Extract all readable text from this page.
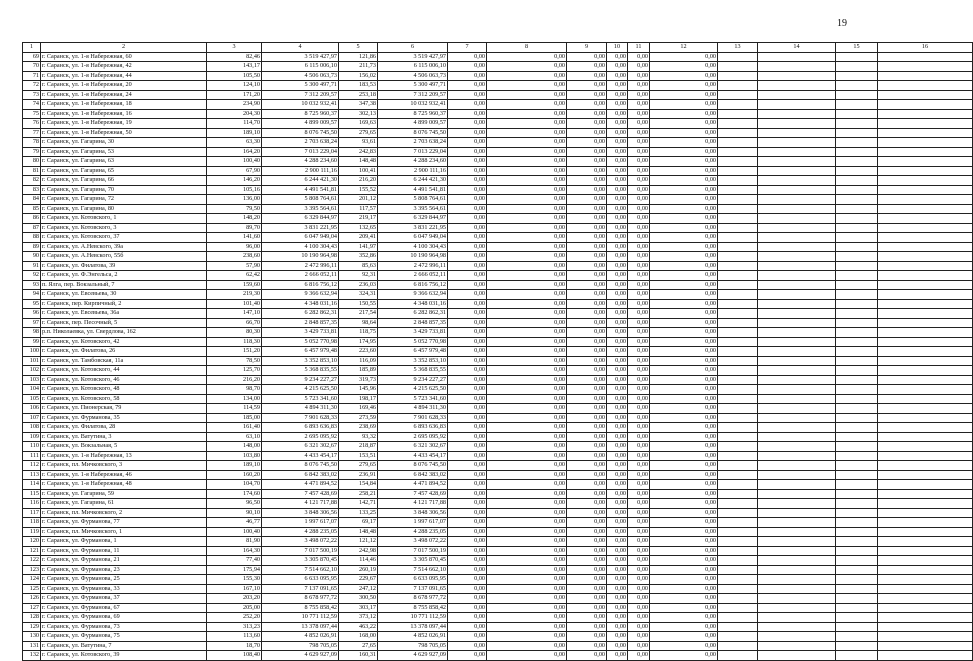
19
1	2	3	4	5	6	7	8	9	10	11	12	13	14	15	16
69	г. Саранск, ул. 1-я Набережная, 60	82,46	3 519 427,97	121,86	3 519 427,97	0,00	0,00	0,00	0,00	0,00	0,00				
70	г. Саранск, ул. 1-я Набережная, 42	143,17	6 115 006,10	211,73	6 115 006,10	0,00	0,00	0,00	0,00	0,00	0,00				
71	г. Саранск, ул. 1-я Набережная, 44	105,50	4 506 063,73	156,02	4 506 063,73	0,00	0,00	0,00	0,00	0,00	0,00				
72	г. Саранск, ул. 1-я Набережная, 20	124,10	5 300 497,71	183,53	5 300 497,71	0,00	0,00	0,00	0,00	0,00	0,00				
73	г. Саранск, ул. 1-я Набережная, 24	171,20	7 312 209,57	253,18	7 312 209,57	0,00	0,00	0,00	0,00	0,00	0,00				
74	г. Саранск, ул. 1-я Набережная, 18	234,90	10 032 932,41	347,38	10 032 932,41	0,00	0,00	0,00	0,00	0,00	0,00				
75	г. Саранск, ул. 1-я Набережная, 16	204,30	8 725 960,37	302,13	8 725 960,37	0,00	0,00	0,00	0,00	0,00	0,00				
76	г. Саранск, ул. 1-я Набережная, 19	114,70	4 899 009,57	169,63	4 899 009,57	0,00	0,00	0,00	0,00	0,00	0,00				
77	г. Саранск, ул. 1-я Набережная, 50	189,10	8 076 745,50	279,65	8 076 745,50	0,00	0,00	0,00	0,00	0,00	0,00				
78	г. Саранск, ул. Гагарина, 30	63,30	2 703 638,24	93,61	2 703 638,24	0,00	0,00	0,00	0,00	0,00	0,00				
79	г. Саранск, ул. Гагарина, 53	164,20	7 013 229,04	242,83	7 013 229,04	0,00	0,00	0,00	0,00	0,00	0,00				
80	г. Саранск, ул. Гагарина, 63	100,40	4 288 234,60	148,48	4 288 234,60	0,00	0,00	0,00	0,00	0,00	0,00				
81	г. Саранск, ул. Гагарина, 65	67,90	2 900 111,16	100,41	2 900 111,16	0,00	0,00	0,00	0,00	0,00	0,00				
82	г. Саранск, ул. Гагарина, 66	146,20	6 244 421,30	216,20	6 244 421,30	0,00	0,00	0,00	0,00	0,00	0,00				
83	г. Саранск, ул. Гагарина, 70	105,16	4 491 541,81	155,52	4 491 541,81	0,00	0,00	0,00	0,00	0,00	0,00				
84	г. Саранск, ул. Гагарина, 72	136,00	5 808 764,61	201,12	5 808 764,61	0,00	0,00	0,00	0,00	0,00	0,00				
85	г. Саранск, ул. Гагарина, 80	79,50	3 395 564,61	117,57	3 395 564,61	0,00	0,00	0,00	0,00	0,00	0,00				
86	г. Саранск, ул. Котовского, 1	148,20	6 329 844,97	219,17	6 329 844,97	0,00	0,00	0,00	0,00	0,00	0,00				
87	г. Саранск, ул. Котовского, 3	89,70	3 831 221,95	132,65	3 831 221,95	0,00	0,00	0,00	0,00	0,00	0,00				
88	г. Саранск, ул. Котовского, 37	141,60	6 047 949,04	209,41	6 047 949,04	0,00	0,00	0,00	0,00	0,00	0,00				
89	г. Саранск, ул. А.Невского, 39а	96,00	4 100 304,43	141,97	4 100 304,43	0,00	0,00	0,00	0,00	0,00	0,00				
90	г. Саранск, ул. А.Невского, 55б	238,60	10 190 964,98	352,86	10 190 964,98	0,00	0,00	0,00	0,00	0,00	0,00				
91	г. Саранск, ул. Филатова, 39	57,90	2 472 996,11	85,63	2 472 996,11	0,00	0,00	0,00	0,00	0,00	0,00				
92	г. Саранск, ул. Ф.Энгельса, 2	62,42	2 666 052,11	92,31	2 666 052,11	0,00	0,00	0,00	0,00	0,00	0,00				
93	п. Ялга, пер. Вокзальный, 7	159,60	6 816 756,12	236,03	6 816 756,12	0,00	0,00	0,00	0,00	0,00	0,00				
94	г. Саранск, ул. Евсевьева, 30	219,30	9 366 632,94	324,31	9 366 632,94	0,00	0,00	0,00	0,00	0,00	0,00				
95	г. Саранск, пер. Кирпичный, 2	101,40	4 348 031,16	150,55	4 348 031,16	0,00	0,00	0,00	0,00	0,00	0,00				
96	г. Саранск, ул. Евсевьева, 36а	147,10	6 282 862,31	217,54	6 282 862,31	0,00	0,00	0,00	0,00	0,00	0,00				
97	г. Саранск, пер. Песочный, 5	66,70	2 848 857,35	98,64	2 848 857,35	0,00	0,00	0,00	0,00	0,00	0,00				
98	р.п. Николаевка, ул. Свердлова, 162	80,30	3 429 733,81	118,75	3 429 733,81	0,00	0,00	0,00	0,00	0,00	0,00				
99	г. Саранск, ул. Котовского, 42	118,30	5 052 770,98	174,95	5 052 770,98	0,00	0,00	0,00	0,00	0,00	0,00				
100	г. Саранск, ул. Филатова, 26	151,20	6 457 979,48	223,60	6 457 979,48	0,00	0,00	0,00	0,00	0,00	0,00				
101	г. Саранск, ул. Тамбовская, 11а	78,50	3 352 853,10	116,09	3 352 853,10	0,00	0,00	0,00	0,00	0,00	0,00				
102	г. Саранск, ул. Котовского, 44	125,70	5 368 835,55	185,89	5 368 835,55	0,00	0,00	0,00	0,00	0,00	0,00				
103	г. Саранск, ул. Котовского, 46	216,20	9 234 227,27	319,73	9 234 227,27	0,00	0,00	0,00	0,00	0,00	0,00				
104	г. Саранск, ул. Котовского, 48	98,70	4 215 625,50	145,96	4 215 625,50	0,00	0,00	0,00	0,00	0,00	0,00				
105	г. Саранск, ул. Котовского, 58	134,00	5 723 341,60	198,17	5 723 341,60	0,00	0,00	0,00	0,00	0,00	0,00				
106	г. Саранск, ул. Пионерская, 79	114,59	4 894 311,30	169,46	4 894 311,30	0,00	0,00	0,00	0,00	0,00	0,00				
107	г. Саранск, ул. Фурманова, 35	185,00	7 901 628,33	273,59	7 901 628,33	0,00	0,00	0,00	0,00	0,00	0,00				
108	г. Саранск, ул. Филатова, 28	161,40	6 893 636,83	238,69	6 893 636,83	0,00	0,00	0,00	0,00	0,00	0,00				
109	г. Саранск, ул. Ватутина, 3	63,10	2 695 095,92	93,32	2 695 095,92	0,00	0,00	0,00	0,00	0,00	0,00				
110	г. Саранск, ул. Вокзальная, 5	148,00	6 321 302,67	218,87	6 321 302,67	0,00	0,00	0,00	0,00	0,00	0,00				
111	г. Саранск, ул. 1-я Набережная, 13	103,80	4 433 454,17	153,51	4 433 454,17	0,00	0,00	0,00	0,00	0,00	0,00				
112	г. Саранск, пл. Мичковского, 3	189,10	8 076 745,50	279,65	8 076 745,50	0,00	0,00	0,00	0,00	0,00	0,00				
113	г. Саранск, ул. 1-я Набережная, 46	160,20	6 842 383,02	236,91	6 842 383,02	0,00	0,00	0,00	0,00	0,00	0,00				
114	г. Саранск, ул. 1-я Набережная, 48	104,70	4 471 894,52	154,84	4 471 894,52	0,00	0,00	0,00	0,00	0,00	0,00				
115	г. Саранск, ул. Гагарина, 59	174,60	7 457 428,69	258,21	7 457 428,69	0,00	0,00	0,00	0,00	0,00	0,00				
116	г. Саранск, ул. Гагарина, 61	96,50	4 121 717,88	142,71	4 121 717,88	0,00	0,00	0,00	0,00	0,00	0,00				
117	г. Саранск, пл. Мичковского, 2	90,10	3 848 306,56	133,25	3 848 306,56	0,00	0,00	0,00	0,00	0,00	0,00				
118	г. Саранск, ул. Фурманова, 77	46,77	1 997 617,07	69,17	1 997 617,07	0,00	0,00	0,00	0,00	0,00	0,00				
119	г. Саранск, пл. Мичковского, 1	100,40	4 288 235,05	148,48	4 288 235,05	0,00	0,00	0,00	0,00	0,00	0,00				
120	г. Саранск, ул. Фурманова, 1	81,90	3 498 072,22	121,12	3 498 072,22	0,00	0,00	0,00	0,00	0,00	0,00				
121	г. Саранск, ул. Фурманова, 11	164,30	7 017 500,19	242,98	7 017 500,19	0,00	0,00	0,00	0,00	0,00	0,00				
122	г. Саранск, ул. Фурманова, 21	77,40	3 305 870,45	114,46	3 305 870,45	0,00	0,00	0,00	0,00	0,00	0,00				
123	г. Саранск, ул. Фурманова, 23	175,94	7 514 662,10	260,19	7 514 662,10	0,00	0,00	0,00	0,00	0,00	0,00				
124	г. Саранск, ул. Фурманова, 25	155,30	6 633 095,95	229,67	6 633 095,95	0,00	0,00	0,00	0,00	0,00	0,00				
125	г. Саранск, ул. Фурманова, 33	167,10	7 137 091,65	247,12	7 137 091,65	0,00	0,00	0,00	0,00	0,00	0,00				
126	г. Саранск, ул. Фурманова, 37	203,20	8 678 977,72	300,50	8 678 977,72	0,00	0,00	0,00	0,00	0,00	0,00				
127	г. Саранск, ул. Фурманова, 67	205,00	8 755 858,42	303,17	8 755 858,42	0,00	0,00	0,00	0,00	0,00	0,00				
128	г. Саранск, ул. Фурманова, 69	252,20	10 771 112,59	373,12	10 771 112,59	0,00	0,00	0,00	0,00	0,00	0,00				
129	г. Саранск, ул. Фурманова, 73	313,23	13 378 097,44	463,22	13 378 097,44	0,00	0,00	0,00	0,00	0,00	0,00				
130	г. Саранск, ул. Фурманова, 75	113,60	4 852 026,91	168,00	4 852 026,91	0,00	0,00	0,00	0,00	0,00	0,00				
131	г. Саранск, ул. Ватутина, 7	18,70	798 705,05	27,65	798 705,05	0,00	0,00	0,00	0,00	0,00	0,00				
132	г. Саранск, ул. Котовского, 39	108,40	4 629 927,09	160,31	4 629 927,09	0,00	0,00	0,00	0,00	0,00	0,00				
